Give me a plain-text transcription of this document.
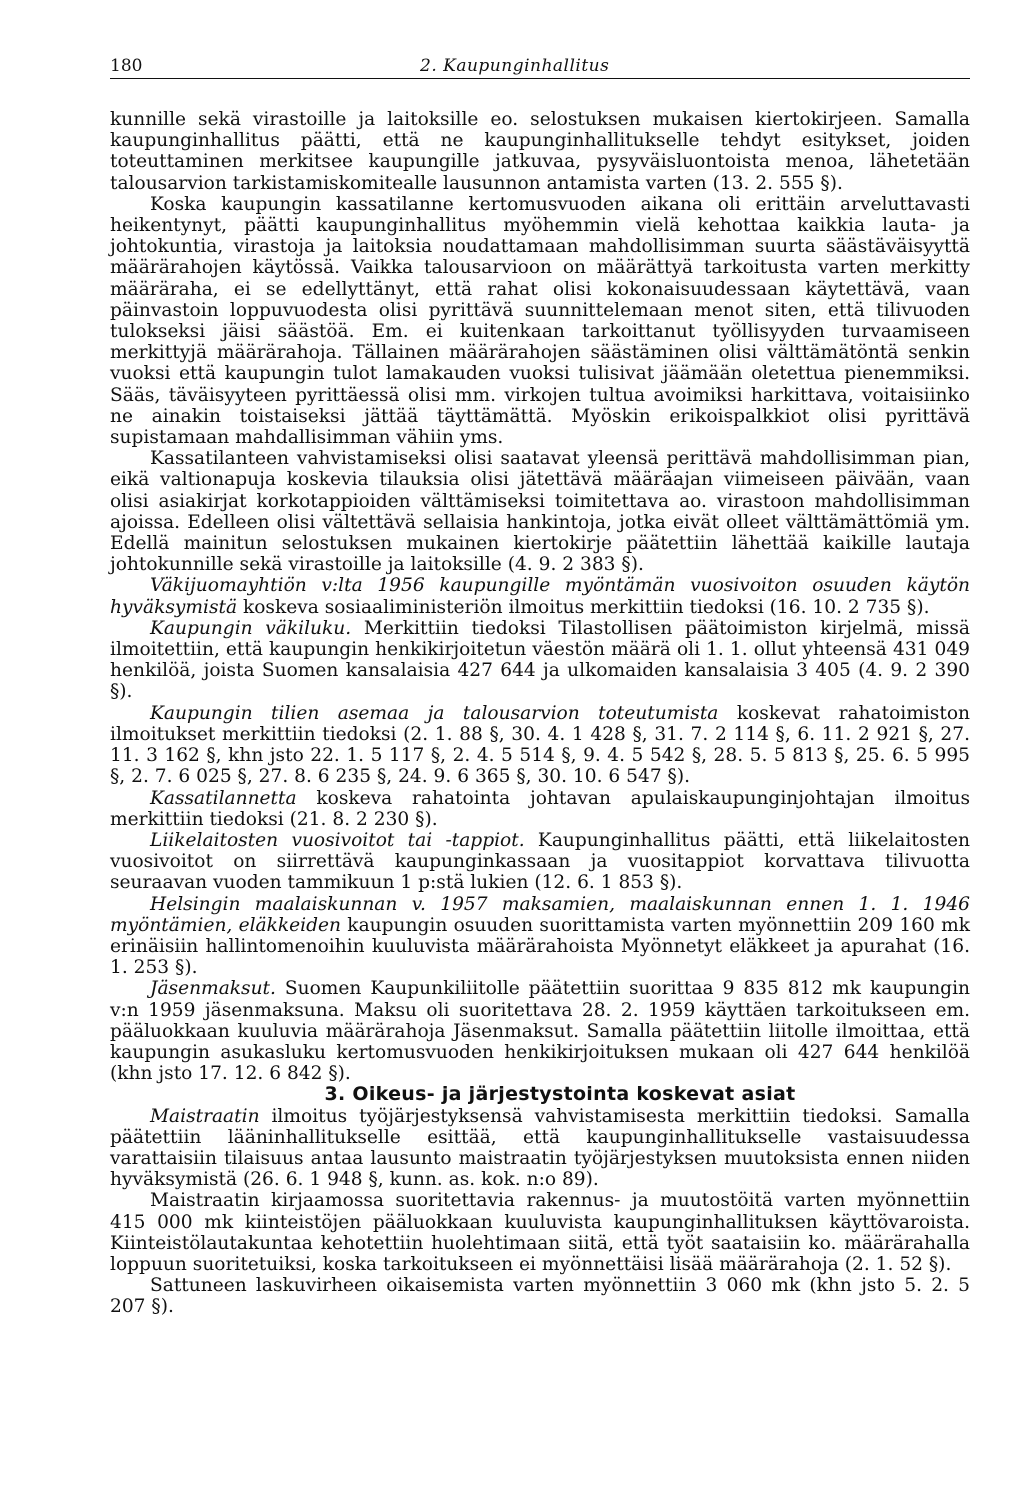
180	2. Kaupunginhallitus

kunnille sekä virastoille ja laitoksille eo. selostuksen mukaisen kiertokirjeen. Samalla kaupunginhallitus päätti, että ne kaupunginhallitukselle tehdyt esitykset, joiden toteuttaminen merkitsee kaupungille jatkuvaa, pysyväisluontoista menoa, lähetetään talousarvion tarkistamiskomitealle lausunnon antamista varten (13. 2. 555 §).

Koska kaupungin kassatilanne kertomusvuoden aikana oli erittäin arveluttavasti heikentynyt, päätti kaupunginhallitus myöhemmin vielä kehottaa kaikkia lauta- ja johtokuntia, virastoja ja laitoksia noudattamaan mahdollisimman suurta säästäväisyyttä määrärahojen käytössä. Vaikka talousarvioon on määrättyä tarkoitusta varten merkitty määräraha, ei se edellyttänyt, että rahat olisi kokonaisuudessaan käytettävä, vaan päinvastoin loppuvuodesta olisi pyrittävä suunnittelemaan menot siten, että tilivuoden tulokseksi jäisi säästöä. Em. ei kuitenkaan tarkoittanut työllisyyden turvaamiseen merkittyjä määrärahoja. Tällainen määrärahojen säästäminen olisi välttämätöntä senkin vuoksi että kaupungin tulot lamakauden vuoksi tulisivat jäämään oletettua pienemmiksi. Sääs, täväisyyteen pyrittäessä olisi mm. virkojen tultua avoimiksi harkittava, voitaisiinko ne ainakin toistaiseksi jättää täyttämättä. Myöskin erikoispalkkiot olisi pyrittävä supistamaan mahdallisimman vähiin yms.

Kassatilanteen vahvistamiseksi olisi saatavat yleensä perittävä mahdollisimman pian, eikä valtionapuja koskevia tilauksia olisi jätettävä määräajan viimeiseen päivään, vaan olisi asiakirjat korkotappioiden välttämiseksi toimitettava ao. virastoon mahdollisimman ajoissa. Edelleen olisi vältettävä sellaisia hankintoja, jotka eivät olleet välttämättömiä ym. Edellä mainitun selostuksen mukainen kiertokirje päätettiin lähettää kaikille lautaja johtokunnille sekä virastoille ja laitoksille (4. 9. 2 383 §).

Väkijuomayhtiön v:lta 1956 kaupungille myöntämän vuosivoiton osuuden käytön hyväksymistä koskeva sosiaaliministeriön ilmoitus merkittiin tiedoksi (16. 10. 2 735 §).

Kaupungin väkiluku. Merkittiin tiedoksi Tilastollisen päätoimiston kirjelmä, missä ilmoitettiin, että kaupungin henkikirjoitetun väestön määrä oli 1. 1. ollut yhteensä 431 049 henkilöä, joista Suomen kansalaisia 427 644 ja ulkomaiden kansalaisia 3 405 (4. 9. 2 390 §).

Kaupungin tilien asemaa ja talousarvion toteutumista koskevat rahatoimiston ilmoitukset merkittiin tiedoksi (2. 1. 88 §, 30. 4. 1 428 §, 31. 7. 2 114 §, 6. 11. 2 921 §, 27. 11. 3 162 §, khn jsto 22. 1. 5 117 §, 2. 4. 5 514 §, 9. 4. 5 542 §, 28. 5. 5 813 §, 25. 6. 5 995 §, 2. 7. 6 025 §, 27. 8. 6 235 §, 24. 9. 6 365 §, 30. 10. 6 547 §).

Kassatilannetta koskeva rahatointa johtavan apulaiskaupunginjohtajan ilmoitus merkittiin tiedoksi (21. 8. 2 230 §).

Liikelaitosten vuosivoitot tai -tappiot. Kaupunginhallitus päätti, että liikelaitosten vuosivoitot on siirrettävä kaupunginkassaan ja vuositappiot korvattava tilivuotta seuraavan vuoden tammikuun 1 p:stä lukien (12. 6. 1 853 §).

Helsingin maalaiskunnan v. 1957 maksamien, maalaiskunnan ennen 1. 1. 1946 myöntämien, eläkkeiden kaupungin osuuden suorittamista varten myönnettiin 209 160 mk erinäisiin hallintomenoihin kuuluvista määrärahoista Myönnetyt eläkkeet ja apurahat (16. 1. 253 §).

Jäsenmaksut. Suomen Kaupunkiliitolle päätettiin suorittaa 9 835 812 mk kaupungin v:n 1959 jäsenmaksuna. Maksu oli suoritettava 28. 2. 1959 käyttäen tarkoitukseen em. pääluokkaan kuuluvia määrärahoja Jäsenmaksut. Samalla päätettiin liitolle ilmoittaa, että kaupungin asukasluku kertomusvuoden henkikirjoituksen mukaan oli 427 644 henkilöä (khn jsto 17. 12. 6 842 §).

3. Oikeus- ja järjestystointa koskevat asiat

Maistraatin ilmoitus työjärjestyksensä vahvistamisesta merkittiin tiedoksi. Samalla päätettiin lääninhallitukselle esittää, että kaupunginhallitukselle vastaisuudessa varattaisiin tilaisuus antaa lausunto maistraatin työjärjestyksen muutoksista ennen niiden hyväksymistä (26. 6. 1 948 §, kunn. as. kok. n:o 89).

Maistraatin kirjaamossa suoritettavia rakennus- ja muutostöitä varten myönnettiin 415 000 mk kiinteistöjen pääluokkaan kuuluvista kaupunginhallituksen käyttövaroista. Kiinteistölautakuntaa kehotettiin huolehtimaan siitä, että työt saataisiin ko. määrärahalla loppuun suoritetuiksi, koska tarkoitukseen ei myönnettäisi lisää määrärahoja (2. 1. 52 §).

Sattuneen laskuvirheen oikaisemista varten myönnettiin 3 060 mk (khn jsto 5. 2. 5 207 §).
